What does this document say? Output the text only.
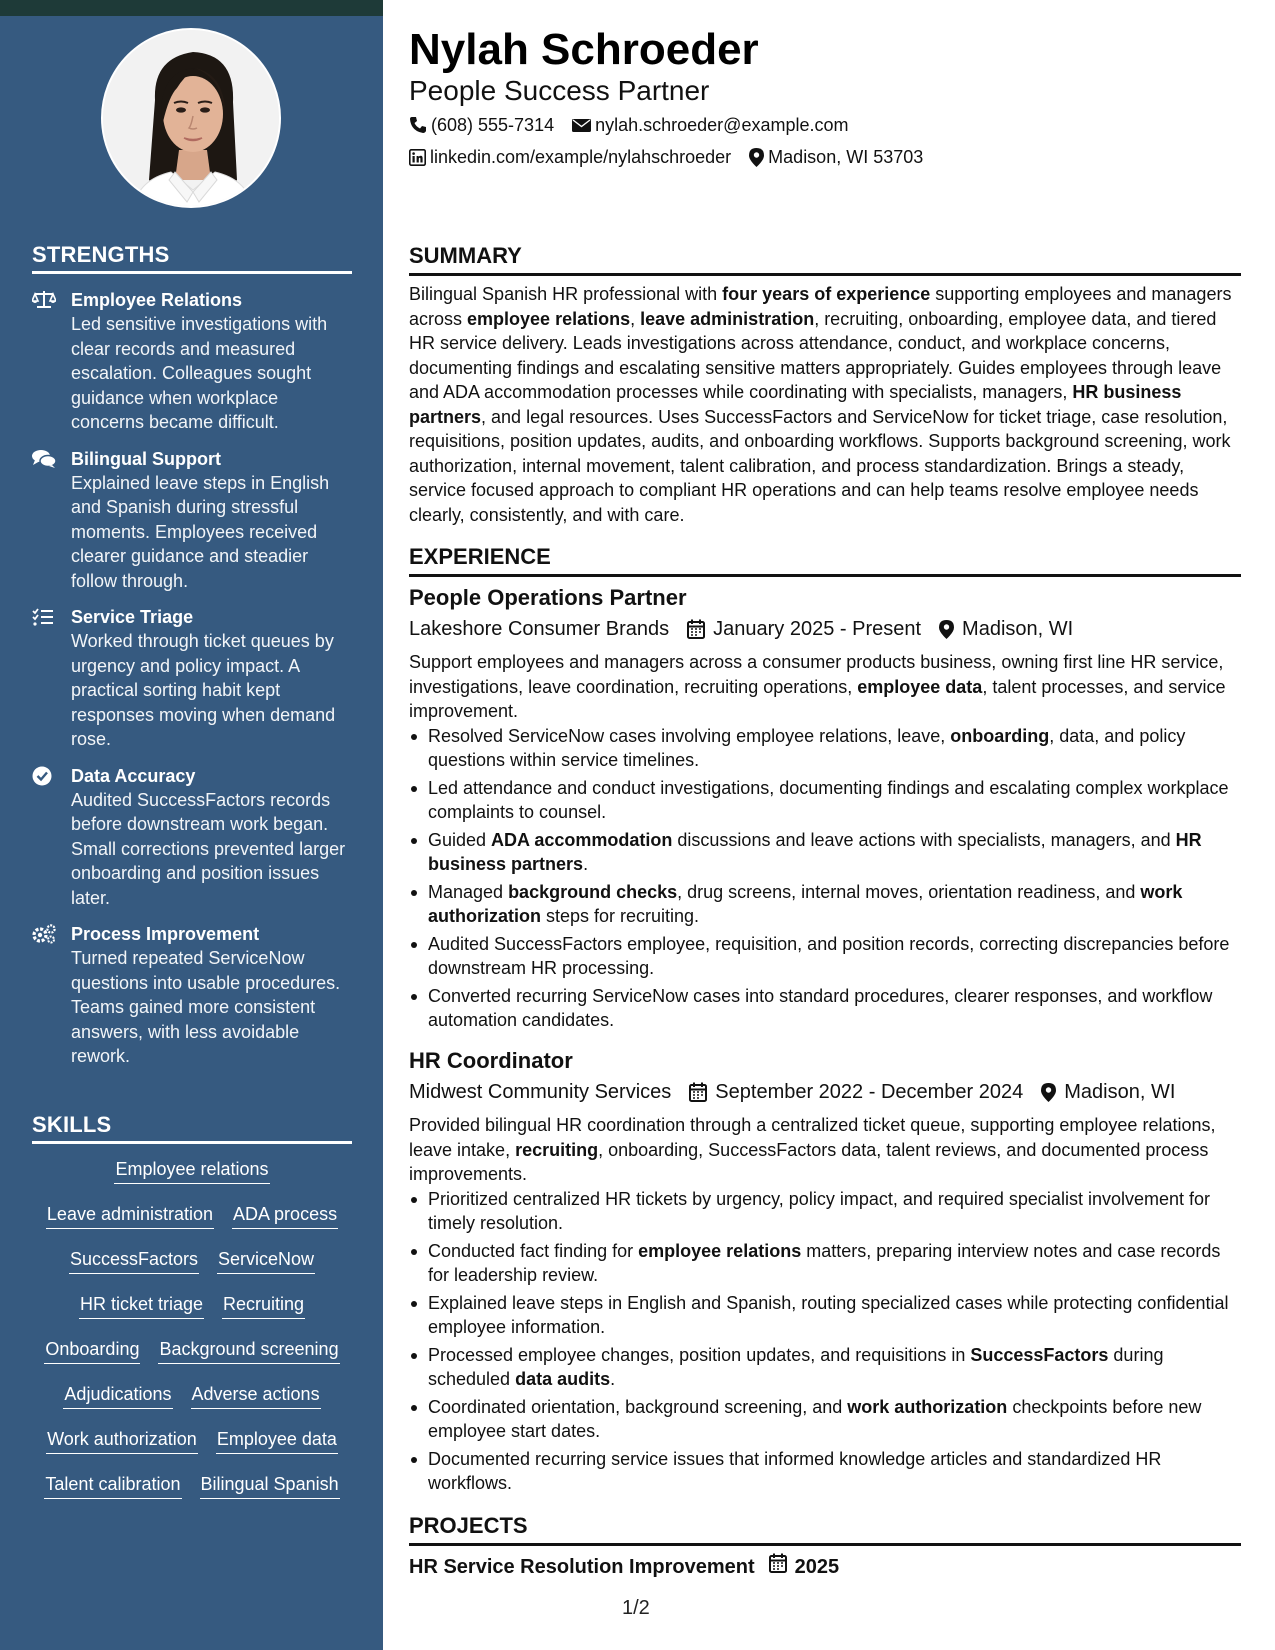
STRENGTHS
Employee Relations
Led sensitive investigations with clear records and measured escalation. Colleagues sought guidance when workplace concerns became difficult.
Bilingual Support
Explained leave steps in English and Spanish during stressful moments. Employees received clearer guidance and steadier follow through.
Service Triage
Worked through ticket queues by urgency and policy impact. A practical sorting habit kept responses moving when demand rose.
Data Accuracy
Audited SuccessFactors records before downstream work began. Small corrections prevented larger onboarding and position issues later.
Process Improvement
Turned repeated ServiceNow questions into usable procedures. Teams gained more consistent answers, with less avoidable rework.
SKILLS
Employee relations
Leave administration ADA process
SuccessFactors ServiceNow
HR ticket triage Recruiting
Onboarding Background screening
Adjudications Adverse actions
Work authorization Employee data
Talent calibration Bilingual Spanish
Nylah Schroeder
People Success Partner
(608) 555-7314 nylah.schroeder@example.com
linkedin.com/example/nylahschroeder Madison, WI 53703
SUMMARY
Bilingual Spanish HR professional with four years of experience supporting employees and managers across employee relations, leave administration, recruiting, onboarding, employee data, and tiered HR service delivery. Leads investigations across attendance, conduct, and workplace concerns, documenting findings and escalating sensitive matters appropriately. Guides employees through leave and ADA accommodation processes while coordinating with specialists, managers, HR business partners, and legal resources. Uses SuccessFactors and ServiceNow for ticket triage, case resolution, requisitions, position updates, audits, and onboarding workflows. Supports background screening, work authorization, internal movement, talent calibration, and process standardization. Brings a steady, service focused approach to compliant HR operations and can help teams resolve employee needs clearly, consistently, and with care.
EXPERIENCE
People Operations Partner
Lakeshore Consumer Brands January 2025 - Present Madison, WI
Support employees and managers across a consumer products business, owning first line HR service, investigations, leave coordination, recruiting operations, employee data, talent processes, and service improvement.
Resolved ServiceNow cases involving employee relations, leave, onboarding, data, and policy questions within service timelines.
Led attendance and conduct investigations, documenting findings and escalating complex workplace complaints to counsel.
Guided ADA accommodation discussions and leave actions with specialists, managers, and HR business partners.
Managed background checks, drug screens, internal moves, orientation readiness, and work authorization steps for recruiting.
Audited SuccessFactors employee, requisition, and position records, correcting discrepancies before downstream HR processing.
Converted recurring ServiceNow cases into standard procedures, clearer responses, and workflow automation candidates.
HR Coordinator
Midwest Community Services September 2022 - December 2024 Madison, WI
Provided bilingual HR coordination through a centralized ticket queue, supporting employee relations, leave intake, recruiting, onboarding, SuccessFactors data, talent reviews, and documented process improvements.
Prioritized centralized HR tickets by urgency, policy impact, and required specialist involvement for timely resolution.
Conducted fact finding for employee relations matters, preparing interview notes and case records for leadership review.
Explained leave steps in English and Spanish, routing specialized cases while protecting confidential employee information.
Processed employee changes, position updates, and requisitions in SuccessFactors during scheduled data audits.
Coordinated orientation, background screening, and work authorization checkpoints before new employee start dates.
Documented recurring service issues that informed knowledge articles and standardized HR workflows.
PROJECTS
HR Service Resolution Improvement 2025
1/2
